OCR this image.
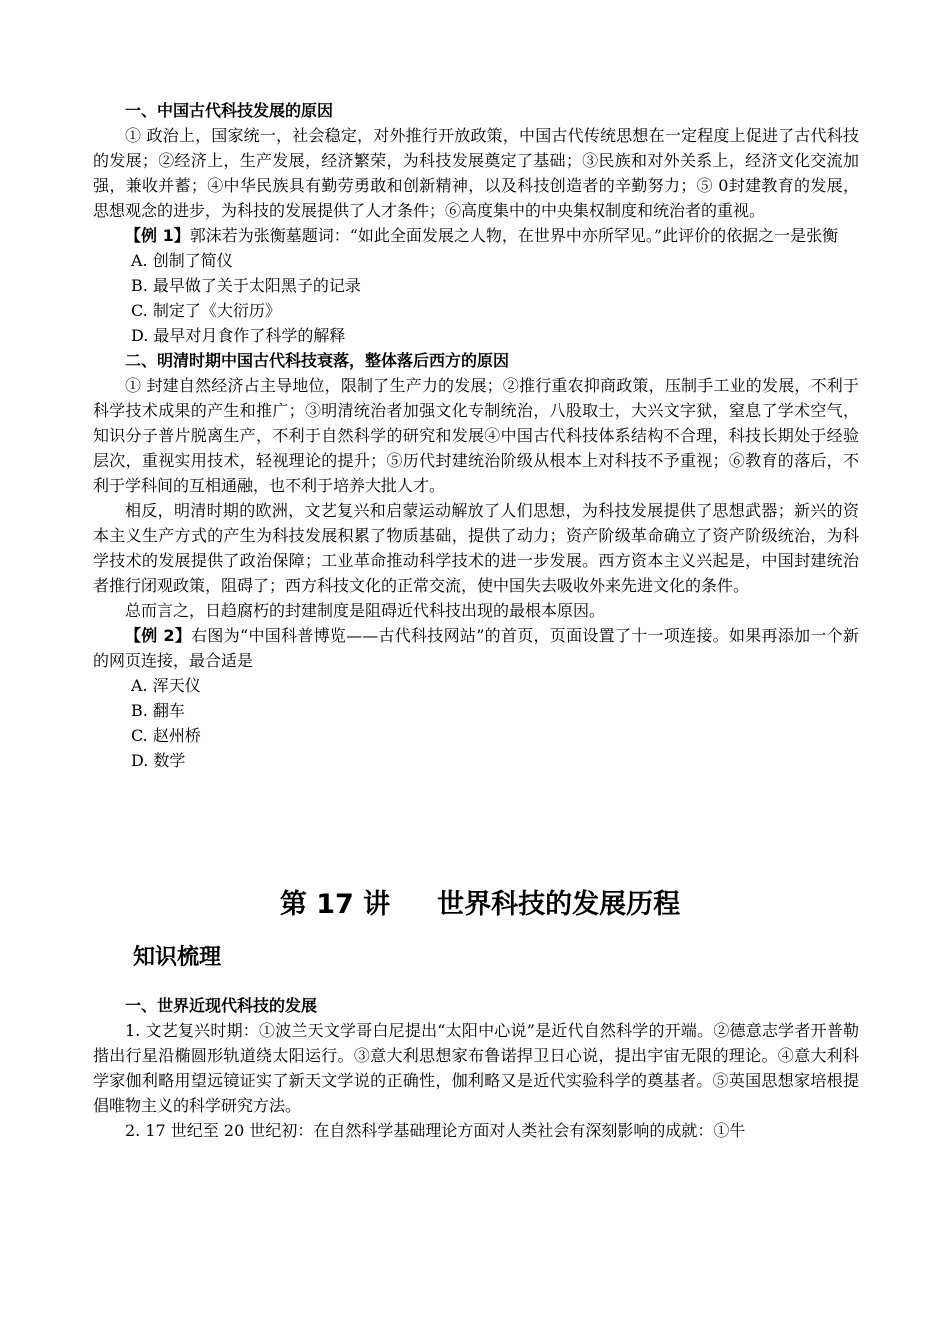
一、中国古代科技发展的原因

① 政治上，国家统一，社会稳定，对外推行开放政策，中国古代传统思想在一定程度上促进了古代科技的发展；②经济上，生产发展，经济繁荣，为科技发展奠定了基础；③民族和对外关系上，经济文化交流加强，兼收并蓄；④中华民族具有勤劳勇敢和创新精神，以及科技创造者的辛勤努力；⑤ 0封建教育的发展，思想观念的进步，为科技的发展提供了人才条件；⑥高度集中的中央集权制度和统治者的重视。

【例 1】郭沫若为张衡墓题词：“如此全面发展之人物，在世界中亦所罕见。”此评价的依据之一是张衡

A. 创制了简仪

B. 最早做了关于太阳黑子的记录

C. 制定了《大衍历》

D. 最早对月食作了科学的解释

二、明清时期中国古代科技衰落，整体落后西方的原因

① 封建自然经济占主导地位，限制了生产力的发展；②推行重农抑商政策，压制手工业的发展，不利于科学技术成果的产生和推广；③明清统治者加强文化专制统治，八股取士，大兴文字狱，窒息了学术空气，知识分子普片脱离生产，不利于自然科学的研究和发展④中国古代科技体系结构不合理，科技长期处于经验层次，重视实用技术，轻视理论的提升；⑤历代封建统治阶级从根本上对科技不予重视；⑥教育的落后，不利于学科间的互相通融，也不利于培养大批人才。

相反，明清时期的欧洲，文艺复兴和启蒙运动解放了人们思想，为科技发展提供了思想武器；新兴的资本主义生产方式的产生为科技发展积累了物质基础，提供了动力；资产阶级革命确立了资产阶级统治，为科学技术的发展提供了政治保障；工业革命推动科学技术的进一步发展。西方资本主义兴起是，中国封建统治者推行闭观政策，阻碍了；西方科技文化的正常交流，使中国失去吸收外来先进文化的条件。

总而言之，日趋腐朽的封建制度是阻碍近代科技出现的最根本原因。

【例 2】右图为“中国科普博览——古代科技网站”的首页，页面设置了十一项连接。如果再添加一个新的网页连接，最合适是

A. 浑天仪

B. 翻车

C. 赵州桥

D. 数学

第 17 讲     世界科技的发展历程
知识梳理
一、世界近现代科技的发展

1. 文艺复兴时期：①波兰天文学哥白尼提出“太阳中心说”是近代自然科学的开端。②德意志学者开普勒揩出行星沿椭圆形轨道绕太阳运行。③意大利思想家布鲁诺捍卫日心说，提出宇宙无限的理论。④意大利科学家伽利略用望远镜证实了新天文学说的正确性，伽利略又是近代实验科学的奠基者。⑤英国思想家培根提倡唯物主义的科学研究方法。

2. 17 世纪至 20 世纪初：在自然科学基础理论方面对人类社会有深刻影响的成就：①牛
